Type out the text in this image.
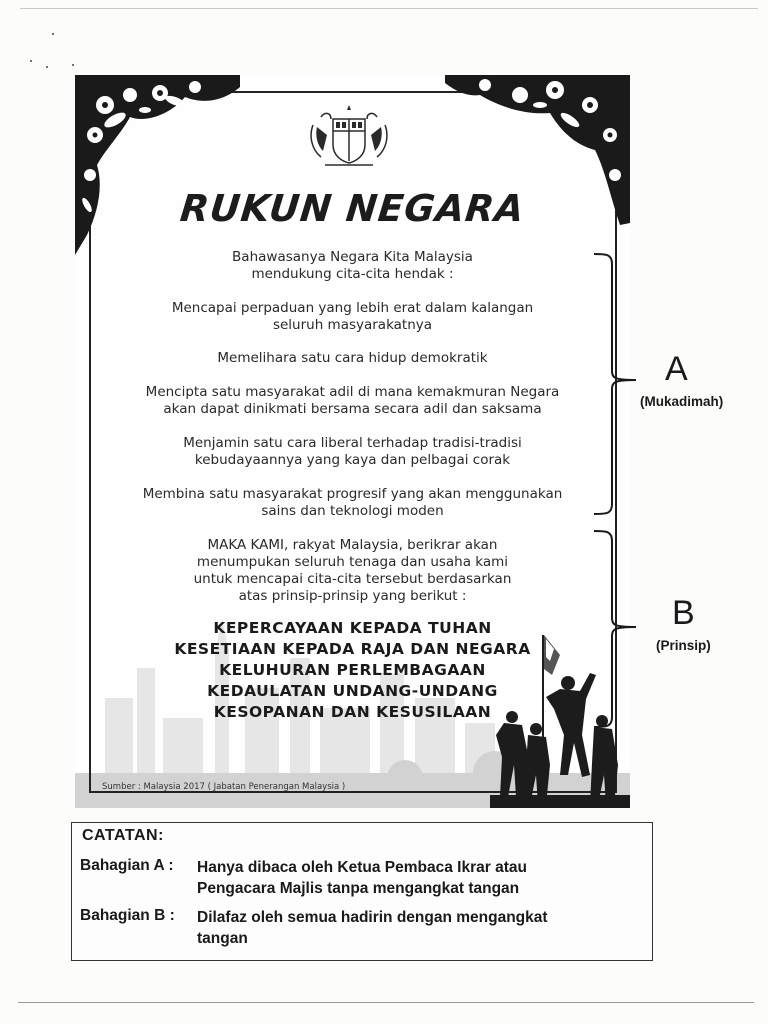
RUKUN NEGARA
Bahawasanya Negara Kita Malaysia
mendukung cita-cita hendak :
Mencapai perpaduan yang lebih erat dalam kalangan
seluruh masyarakatnya
Memelihara satu cara hidup demokratik
Mencipta satu masyarakat adil di mana kemakmuran Negara
akan dapat dinikmati bersama secara adil dan saksama
Menjamin satu cara liberal terhadap tradisi-tradisi
kebudayaannya yang kaya dan pelbagai corak
Membina satu masyarakat progresif yang akan menggunakan
sains dan teknologi moden
MAKA KAMI, rakyat Malaysia, berikrar akan
menumpukan seluruh tenaga dan usaha kami
untuk mencapai cita-cita tersebut berdasarkan
atas prinsip-prinsip yang berikut :
KEPERCAYAAN KEPADA TUHAN
KESETIAAN KEPADA RAJA DAN NEGARA
KELUHURAN PERLEMBAGAAN
KEDAULATAN UNDANG-UNDANG
KESOPANAN DAN KESUSILAAN
Sumber : Malaysia 2017 ( Jabatan Penerangan Malaysia )
A
(Mukadimah)
B
(Prinsip)
CATATAN:
Bahagian A : Hanya dibaca oleh Ketua Pembaca Ikrar atau
Pengacara Majlis tanpa mengangkat tangan
Bahagian B : Dilafaz oleh semua hadirin dengan mengangkat
tangan
